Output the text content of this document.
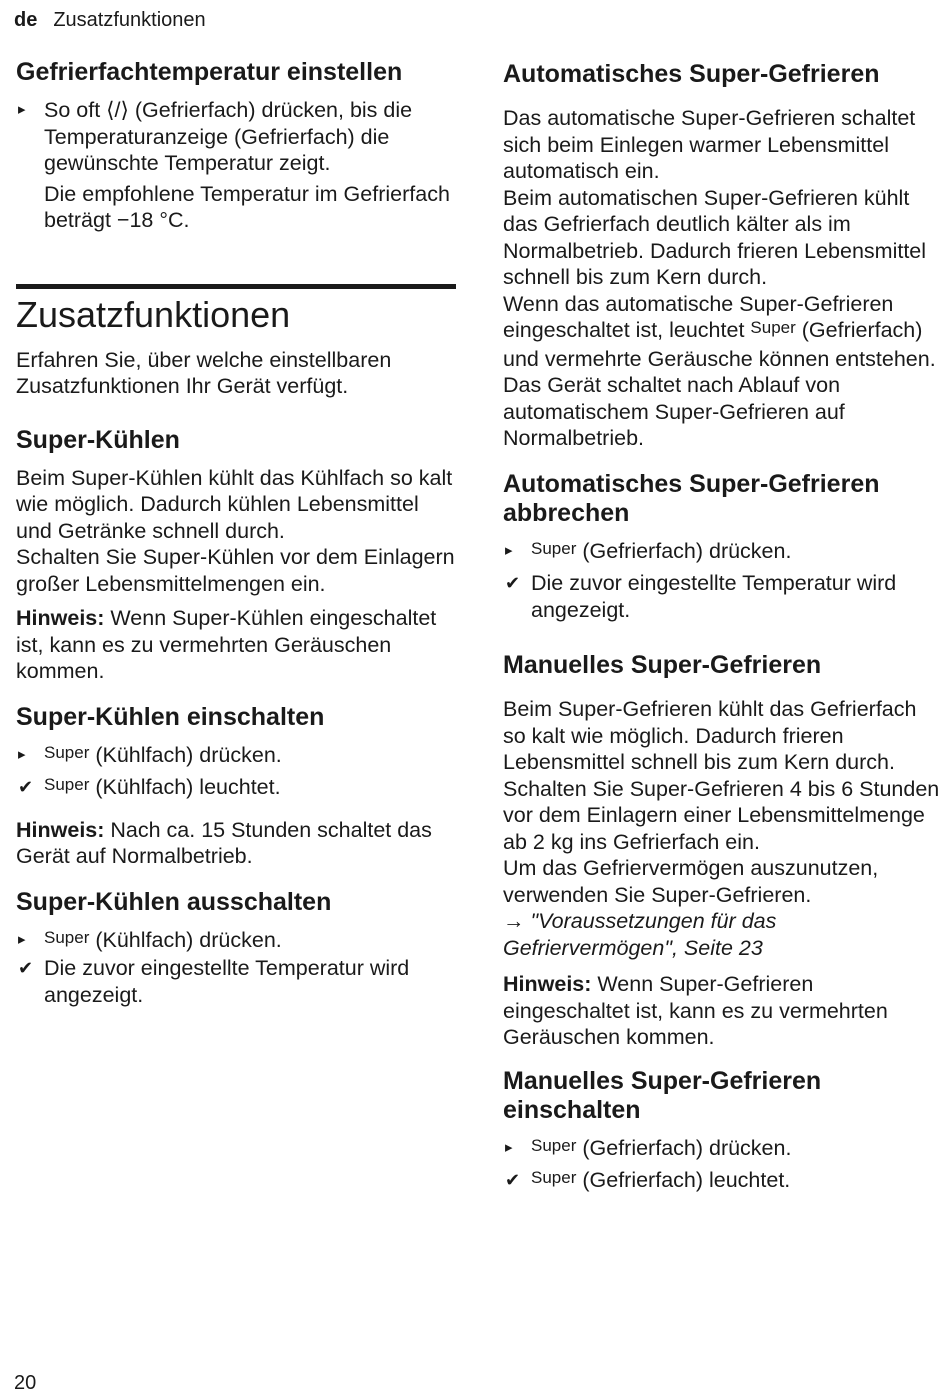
de Zusatzfunktionen
Gefrierfachtemperatur einstellen
▸ So oft ⟨/⟩ (Gefrierfach) drücken, bis die Temperaturanzeige (Gefrierfach) die gewünschte Temperatur zeigt.
Die empfohlene Temperatur im Gefrierfach beträgt −18 °C.
Zusatzfunktionen
Erfahren Sie, über welche einstellbaren Zusatzfunktionen Ihr Gerät verfügt.
Super-Kühlen
Beim Super-Kühlen kühlt das Kühlfach so kalt wie möglich. Dadurch kühlen Lebensmittel und Getränke schnell durch.
Schalten Sie Super-Kühlen vor dem Einlagern großer Lebensmittelmengen ein.
Hinweis: Wenn Super-Kühlen eingeschaltet ist, kann es zu vermehrten Geräuschen kommen.
Super-Kühlen einschalten
▸	Super (Kühlfach) drücken.
✔ Super (Kühlfach) leuchtet.
Hinweis: Nach ca. 15 Stunden schaltet das Gerät auf Normalbetrieb.
Super-Kühlen ausschalten
▸	Super (Kühlfach) drücken.
✔ Die zuvor eingestellte Temperatur wird angezeigt.
Automatisches Super-Gefrieren
Das automatische Super-Gefrieren schaltet sich beim Einlegen warmer Lebensmittel automatisch ein.
Beim automatischen Super-Gefrieren kühlt das Gefrierfach deutlich kälter als im Normalbetrieb. Dadurch frieren Lebensmittel schnell bis zum Kern durch.
Wenn das automatische Super-Gefrieren eingeschaltet ist, leuchtet Super (Gefrierfach) und vermehrte Geräusche können entstehen.
Das Gerät schaltet nach Ablauf von automatischem Super-Gefrieren auf Normalbetrieb.
Automatisches Super-Gefrieren abbrechen
▸	Super (Gefrierfach) drücken.
✔ Die zuvor eingestellte Temperatur wird angezeigt.
Manuelles Super-Gefrieren
Beim Super-Gefrieren kühlt das Gefrierfach so kalt wie möglich. Dadurch frieren Lebensmittel schnell bis zum Kern durch.
Schalten Sie Super-Gefrieren 4 bis 6 Stunden vor dem Einlagern einer Lebensmittelmenge ab 2 kg ins Gefrierfach ein.
Um das Gefriervermögen auszunutzen, verwenden Sie Super-Gefrieren.
→ "Voraussetzungen für das Gefriervermögen", Seite 23
Hinweis: Wenn Super-Gefrieren eingeschaltet ist, kann es zu vermehrten Geräuschen kommen.
Manuelles Super-Gefrieren einschalten
▸	Super (Gefrierfach) drücken.
✔ Super (Gefrierfach) leuchtet.
20
